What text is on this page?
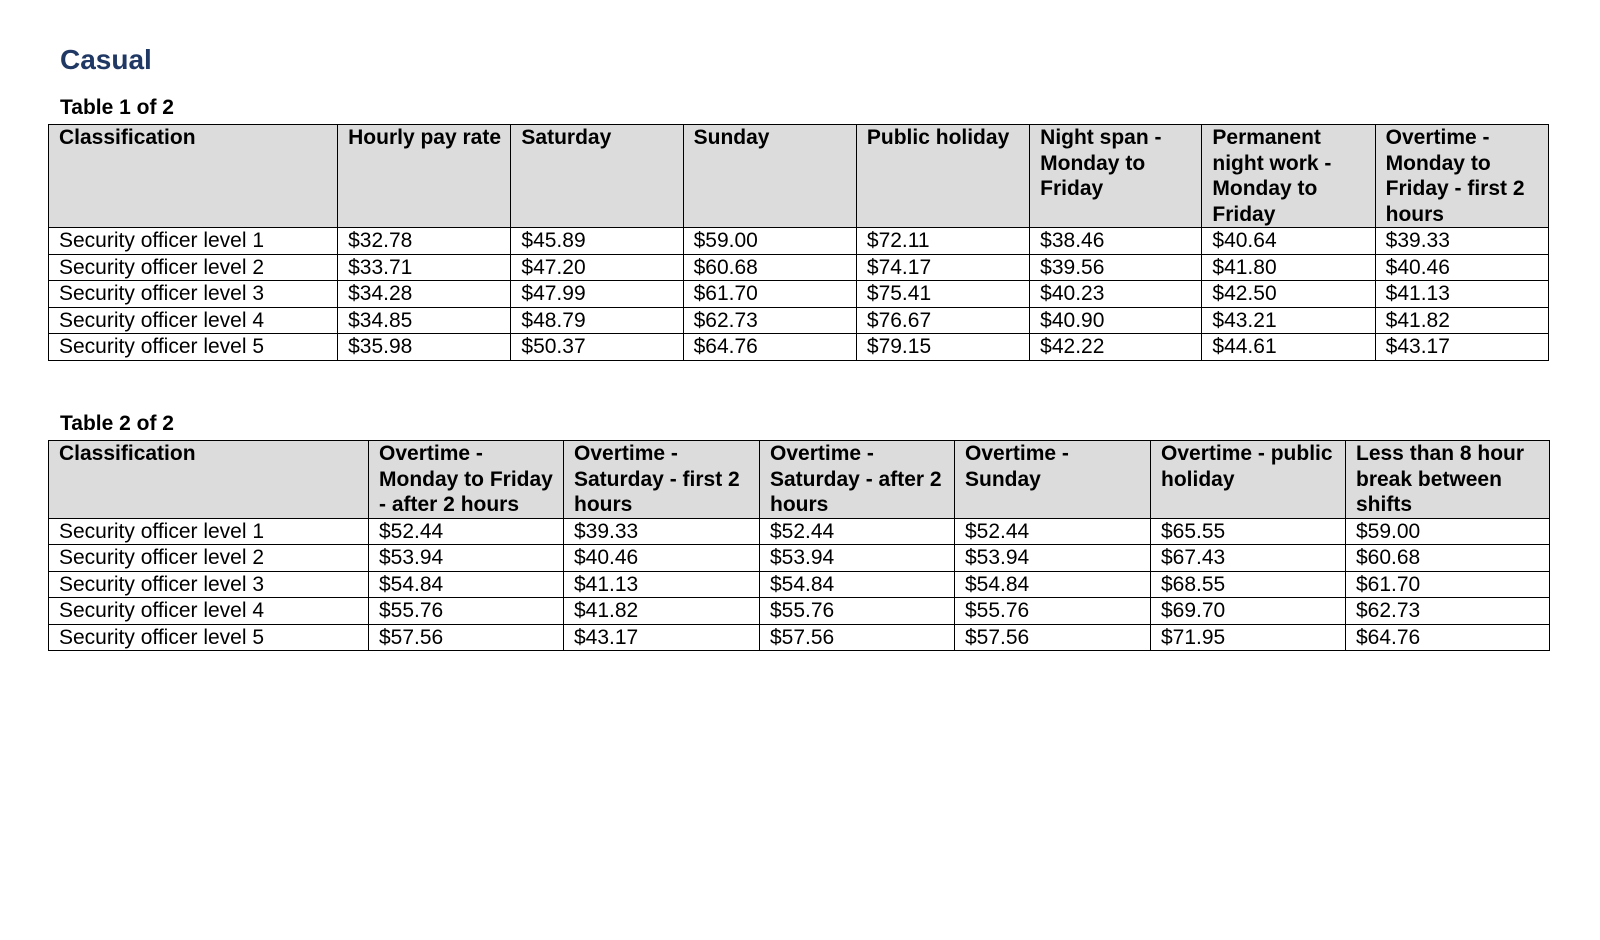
Casual

Table 1 of 2

Classification	Hourly pay rate	Saturday	Sunday	Public holiday	Night span - Monday to Friday	Permanent night work - Monday to Friday	Overtime - Monday to Friday - first 2 hours
Security officer level 1	$32.78	$45.89	$59.00	$72.11	$38.46	$40.64	$39.33
Security officer level 2	$33.71	$47.20	$60.68	$74.17	$39.56	$41.80	$40.46
Security officer level 3	$34.28	$47.99	$61.70	$75.41	$40.23	$42.50	$41.13
Security officer level 4	$34.85	$48.79	$62.73	$76.67	$40.90	$43.21	$41.82
Security officer level 5	$35.98	$50.37	$64.76	$79.15	$42.22	$44.61	$43.17

Table 2 of 2

Classification	Overtime - Monday to Friday - after 2 hours	Overtime - Saturday - first 2 hours	Overtime - Saturday - after 2 hours	Overtime - Sunday	Overtime - public holiday	Less than 8 hour break between shifts
Security officer level 1	$52.44	$39.33	$52.44	$52.44	$65.55	$59.00
Security officer level 2	$53.94	$40.46	$53.94	$53.94	$67.43	$60.68
Security officer level 3	$54.84	$41.13	$54.84	$54.84	$68.55	$61.70
Security officer level 4	$55.76	$41.82	$55.76	$55.76	$69.70	$62.73
Security officer level 5	$57.56	$43.17	$57.56	$57.56	$71.95	$64.76
